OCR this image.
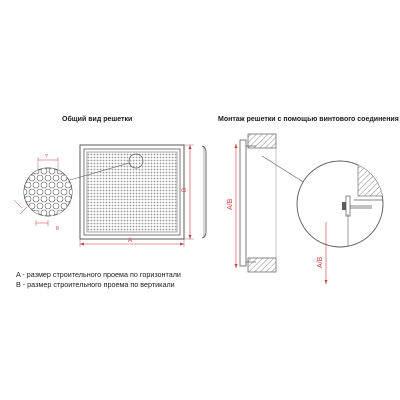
Общий вид решетки	Монтаж решетки с помощью винтового соединения
?
8
A
B
A/B
A/B
A - размер строительного проема по горизонтали
B - размер строительного проема по вертикали
